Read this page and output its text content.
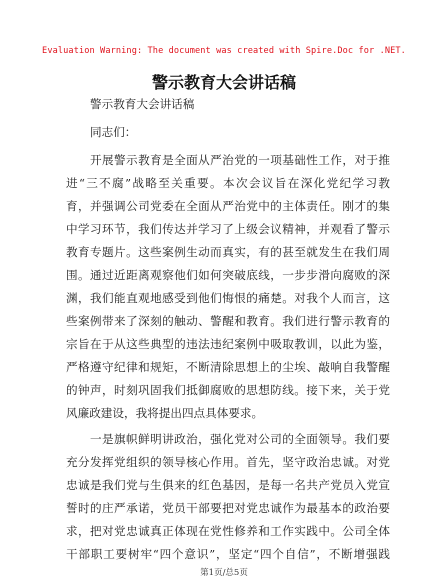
Evaluation Warning: The document was created with Spire.Doc for .NET.
警示教育大会讲话稿
警示教育大会讲话稿
同志们：
开展警示教育是全面从严治党的一项基础性工作，对于推
进“三不腐”战略至关重要。本次会议旨在深化党纪学习教
育，并强调公司党委在全面从严治党中的主体责任。刚才的集
中学习环节，我们传达并学习了上级会议精神，并观看了警示
教育专题片。这些案例生动而真实，有的甚至就发生在我们周
围。通过近距离观察他们如何突破底线，一步步滑向腐败的深
渊，我们能直观地感受到他们悔恨的痛楚。对我个人而言，这
些案例带来了深刻的触动、警醒和教育。我们进行警示教育的
宗旨在于从这些典型的违法违纪案例中吸取教训，以此为鉴，
严格遵守纪律和规矩，不断清除思想上的尘埃、敲响自我警醒
的钟声，时刻巩固我们抵御腐败的思想防线。接下来，关于党
风廉政建设，我将提出四点具体要求。
一是旗帜鲜明讲政治，强化党对公司的全面领导。我们要
充分发挥党组织的领导核心作用。首先，坚守政治忠诚。对党
忠诚是我们党与生俱来的红色基因，是每一名共产党员入党宣
誓时的庄严承诺，党员干部要把对党忠诚作为最基本的政治要
求，把对党忠诚真正体现在党性修养和工作实践中。公司全体
干部职工要树牢“四个意识”，坚定“四个自信”，不断增强践
第1页/总5页
